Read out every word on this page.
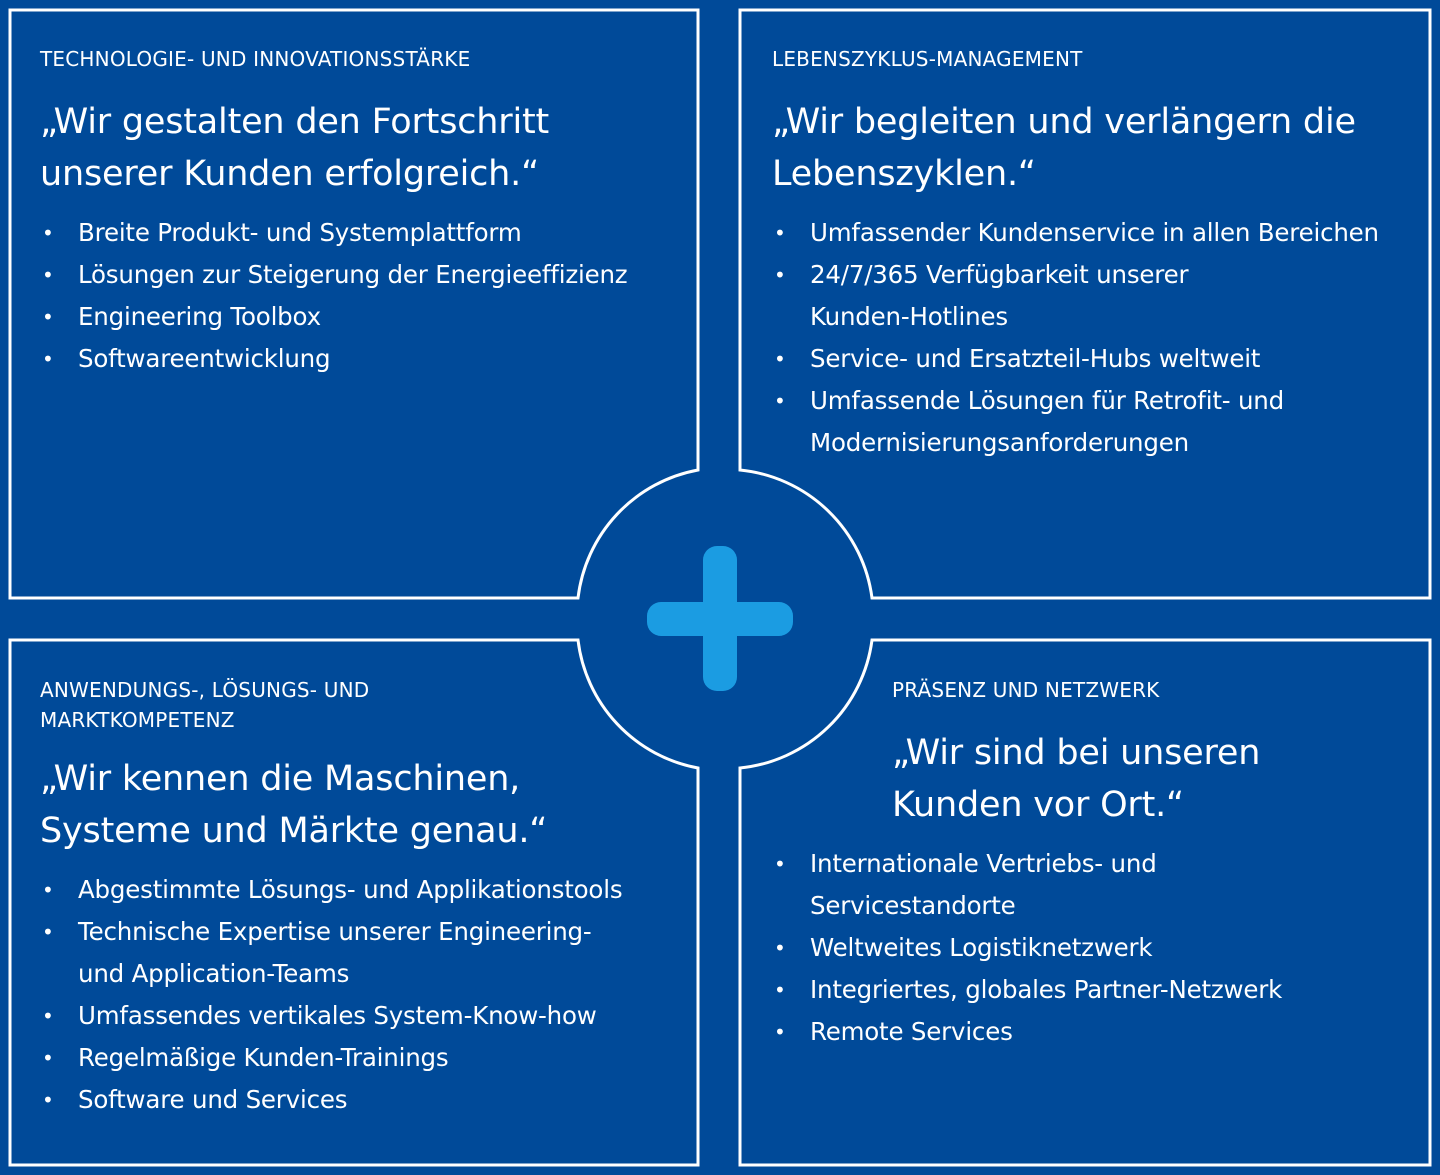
TECHNOLOGIE- UND INNOVATIONSSTÄRKE
„Wir gestalten den Fortschritt
unserer Kunden erfolgreich.“
• Breite Produkt- und Systemplattform
• Lösungen zur Steigerung der Energieeffizienz
• Engineering Toolbox
• Softwareentwicklung
LEBENSZYKLUS-MANAGEMENT
„Wir begleiten und verlängern die
Lebenszyklen.“
• Umfassender Kundenservice in allen Bereichen
• 24/7/365 Verfügbarkeit unserer
Kunden-Hotlines
• Service- und Ersatzteil-Hubs weltweit
• Umfassende Lösungen für Retrofit- und
Modernisierungsanforderungen
ANWENDUNGS-, LÖSUNGS- UND
MARKTKOMPETENZ
„Wir kennen die Maschinen,
Systeme und Märkte genau.“
• Abgestimmte Lösungs- und Applikationstools
• Technische Expertise unserer Engineering-
und Application-Teams
• Umfassendes vertikales System-Know-how
• Regelmäßige Kunden-Trainings
• Software und Services
PRÄSENZ UND NETZWERK
„Wir sind bei unseren
Kunden vor Ort.“
• Internationale Vertriebs- und
Servicestandorte
• Weltweites Logistiknetzwerk
• Integriertes, globales Partner-Netzwerk
• Remote Services
